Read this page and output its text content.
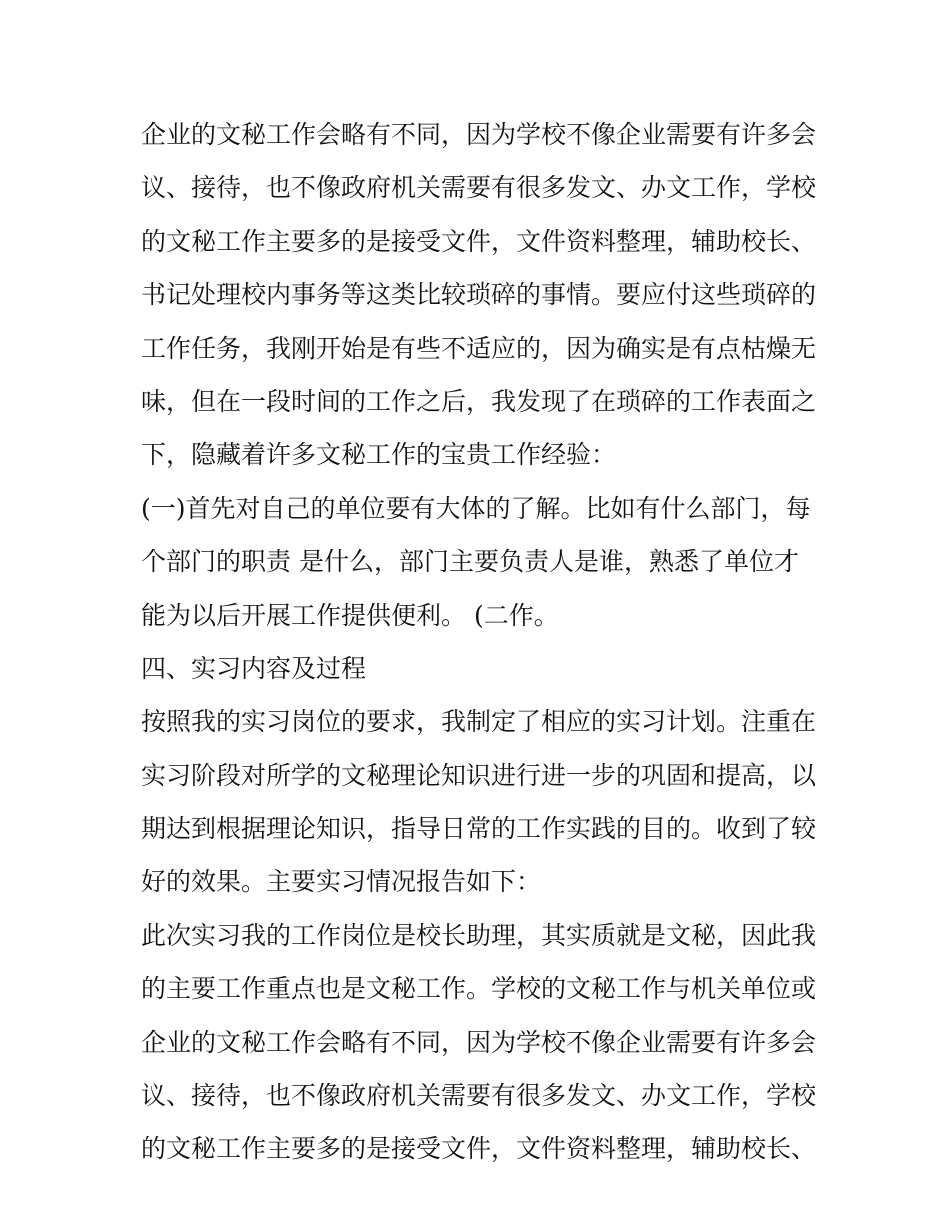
企业的文秘工作会略有不同，因为学校不像企业需要有许多会
议、接待，也不像政府机关需要有很多发文、办文工作，学校
的文秘工作主要多的是接受文件，文件资料整理，辅助校长、
书记处理校内事务等这类比较琐碎的事情。要应付这些琐碎的
工作任务，我刚开始是有些不适应的，因为确实是有点枯燥无
味，但在一段时间的工作之后，我发现了在琐碎的工作表面之
下，隐藏着许多文秘工作的宝贵工作经验：
(一)首先对自己的单位要有大体的了解。比如有什么部门，每
个部门的职责 是什么，部门主要负责人是谁，熟悉了单位才
能为以后开展工作提供便利。 (二作。
四、实习内容及过程
按照我的实习岗位的要求，我制定了相应的实习计划。注重在
实习阶段对所学的文秘理论知识进行进一步的巩固和提高，以
期达到根据理论知识，指导日常的工作实践的目的。收到了较
好的效果。主要实习情况报告如下：
此次实习我的工作岗位是校长助理，其实质就是文秘，因此我
的主要工作重点也是文秘工作。学校的文秘工作与机关单位或
企业的文秘工作会略有不同，因为学校不像企业需要有许多会
议、接待，也不像政府机关需要有很多发文、办文工作，学校
的文秘工作主要多的是接受文件，文件资料整理，辅助校长、
